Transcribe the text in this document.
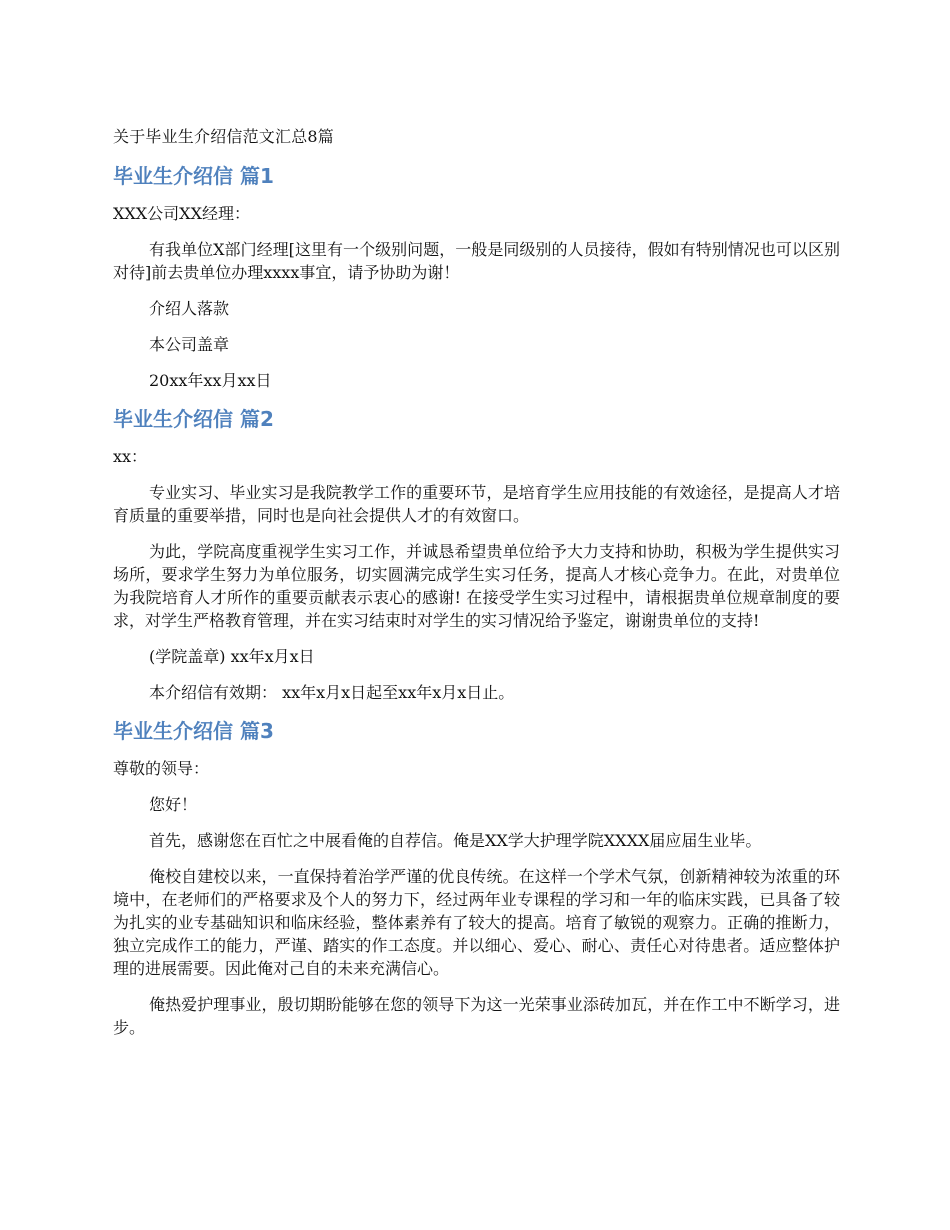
关于毕业生介绍信范文汇总8篇
毕业生介绍信 篇1
XXX公司XX经理：
有我单位X部门经理[这里有一个级别问题，一般是同级别的人员接待，假如有特别情况也可以区别对待]前去贵单位办理xxxx事宜，请予协助为谢！
介绍人落款
本公司盖章
20xx年xx月xx日
毕业生介绍信 篇2
xx：
专业实习、毕业实习是我院教学工作的重要环节，是培育学生应用技能的有效途径，是提高人才培育质量的重要举措，同时也是向社会提供人才的有效窗口。
为此，学院高度重视学生实习工作，并诚恳希望贵单位给予大力支持和协助，积极为学生提供实习场所，要求学生努力为单位服务，切实圆满完成学生实习任务，提高人才核心竞争力。在此，对贵单位为我院培育人才所作的重要贡献表示衷心的感谢! 在接受学生实习过程中，请根据贵单位规章制度的要求，对学生严格教育管理，并在实习结束时对学生的实习情况给予鉴定，谢谢贵单位的支持!
(学院盖章) xx年x月x日
本介绍信有效期： xx年x月x日起至xx年x月x日止。
毕业生介绍信 篇3
尊敬的领导：
您好！
首先，感谢您在百忙之中展看俺的自荐信。俺是XX学大护理学院XXXX届应届生业毕。
俺校自建校以来，一直保持着治学严谨的优良传统。在这样一个学术气氛，创新精神较为浓重的环境中，在老师们的严格要求及个人的努力下，经过两年业专课程的学习和一年的临床实践，已具备了较为扎实的业专基础知识和临床经验，整体素养有了较大的提高。培育了敏锐的观察力。正确的推断力，独立完成作工的能力，严谨、踏实的作工态度。并以细心、爱心、耐心、责任心对待患者。适应整体护理的进展需要。因此俺对己自的未来充满信心。
俺热爱护理事业，殷切期盼能够在您的领导下为这一光荣事业添砖加瓦，并在作工中不断学习，进步。
